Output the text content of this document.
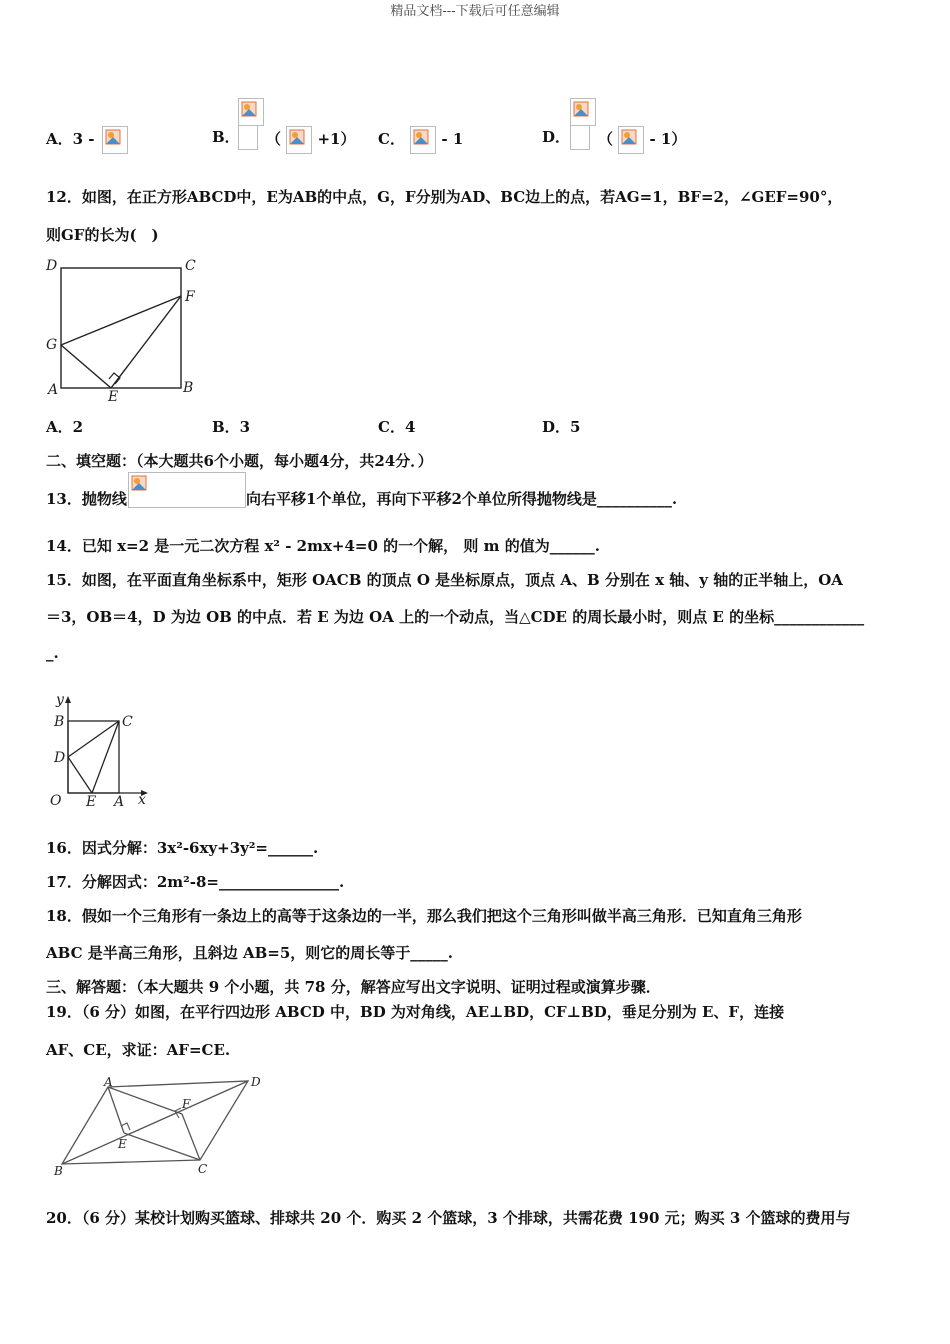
精品文档---下载后可任意编辑
A．3 -	B． （ +1） C． - 1	D． （ - 1）
12．如图，在正方形ABCD中，E为AB的中点，G，F分别为AD、BC边上的点，若AG=1，BF=2，∠GEF=90°，
则GF的长为(　)
D	C
F
G
A	E
B
A．2	B．3	C．4	D．5
二、填空题：（本大题共6个小题，每小题4分，共24分．）
13．抛物线	向右平移1个单位，再向下平移2个单位所得抛物线是__________.
14．已知 x=2 是一元二次方程 x² - 2mx+4=0 的一个解， 则 m 的值为______.
15．如图，在平面直角坐标系中，矩形 OACB 的顶点 O 是坐标原点，顶点 A、B 分别在 x 轴、y 轴的正半轴上，OA
＝3，OB＝4，D 为边 OB 的中点．若 E 为边 OA 上的一个动点，当△CDE 的周长最小时，则点 E 的坐标____________
_.
y
B	C
D
O E A x
16．因式分解：3x²-6xy+3y²=______.
17．分解因式：2m²-8=________________.
18．假如一个三角形有一条边上的高等于这条边的一半，那么我们把这个三角形叫做半高三角形．已知直角三角形
ABC 是半高三角形，且斜边 AB=5，则它的周长等于_____.
三、解答题：（本大题共 9 个小题，共 78 分，解答应写出文字说明、证明过程或演算步骤．
19．（6 分）如图，在平行四边形 ABCD 中，BD 为对角线，AE⊥BD，CF⊥BD，垂足分别为 E、F，连接
AF、CE，求证：AF=CE.
A	D
F
E
B	C
20．（6 分）某校计划购买篮球、排球共 20 个．购买 2 个篮球，3 个排球，共需花费 190 元；购买 3 个篮球的费用与
